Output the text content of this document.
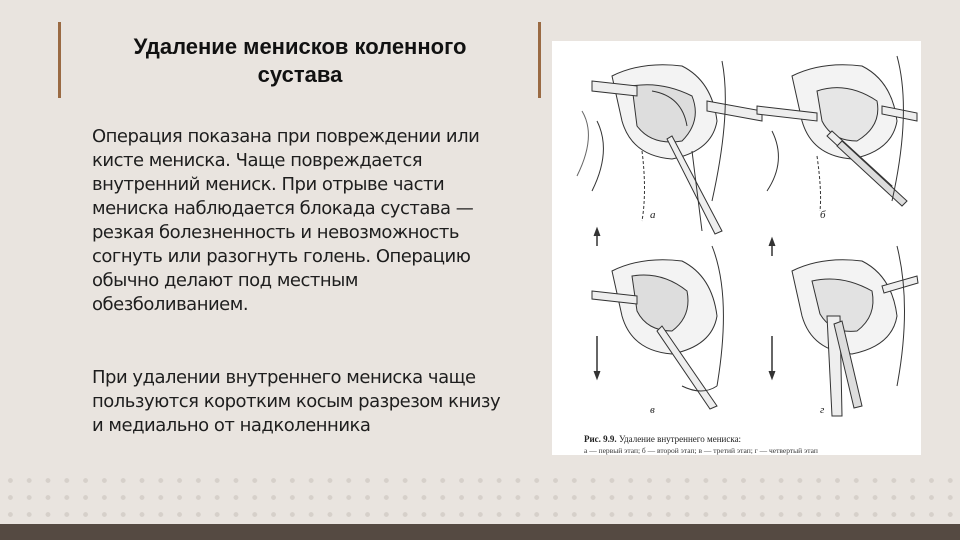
Удаление менисков коленного сустава
Операция показана при повреждении или кисте мениска. Чаще повреждается внутренний мениск. При отрыве части мениска наблюдается блокада сустава — резкая болезненность и невозможность согнуть или разогнуть голень. Операцию обычно делают под местным обезболиванием.
При удалении внутреннего мениска чаще пользуются коротким косым разрезом книзу и медиально от надколенника
а	б
в	г
Рис. 9.9. Удаление внутреннего мениска:
а — первый этап; б — второй этап; в — третий этап; г — четвертый этап
